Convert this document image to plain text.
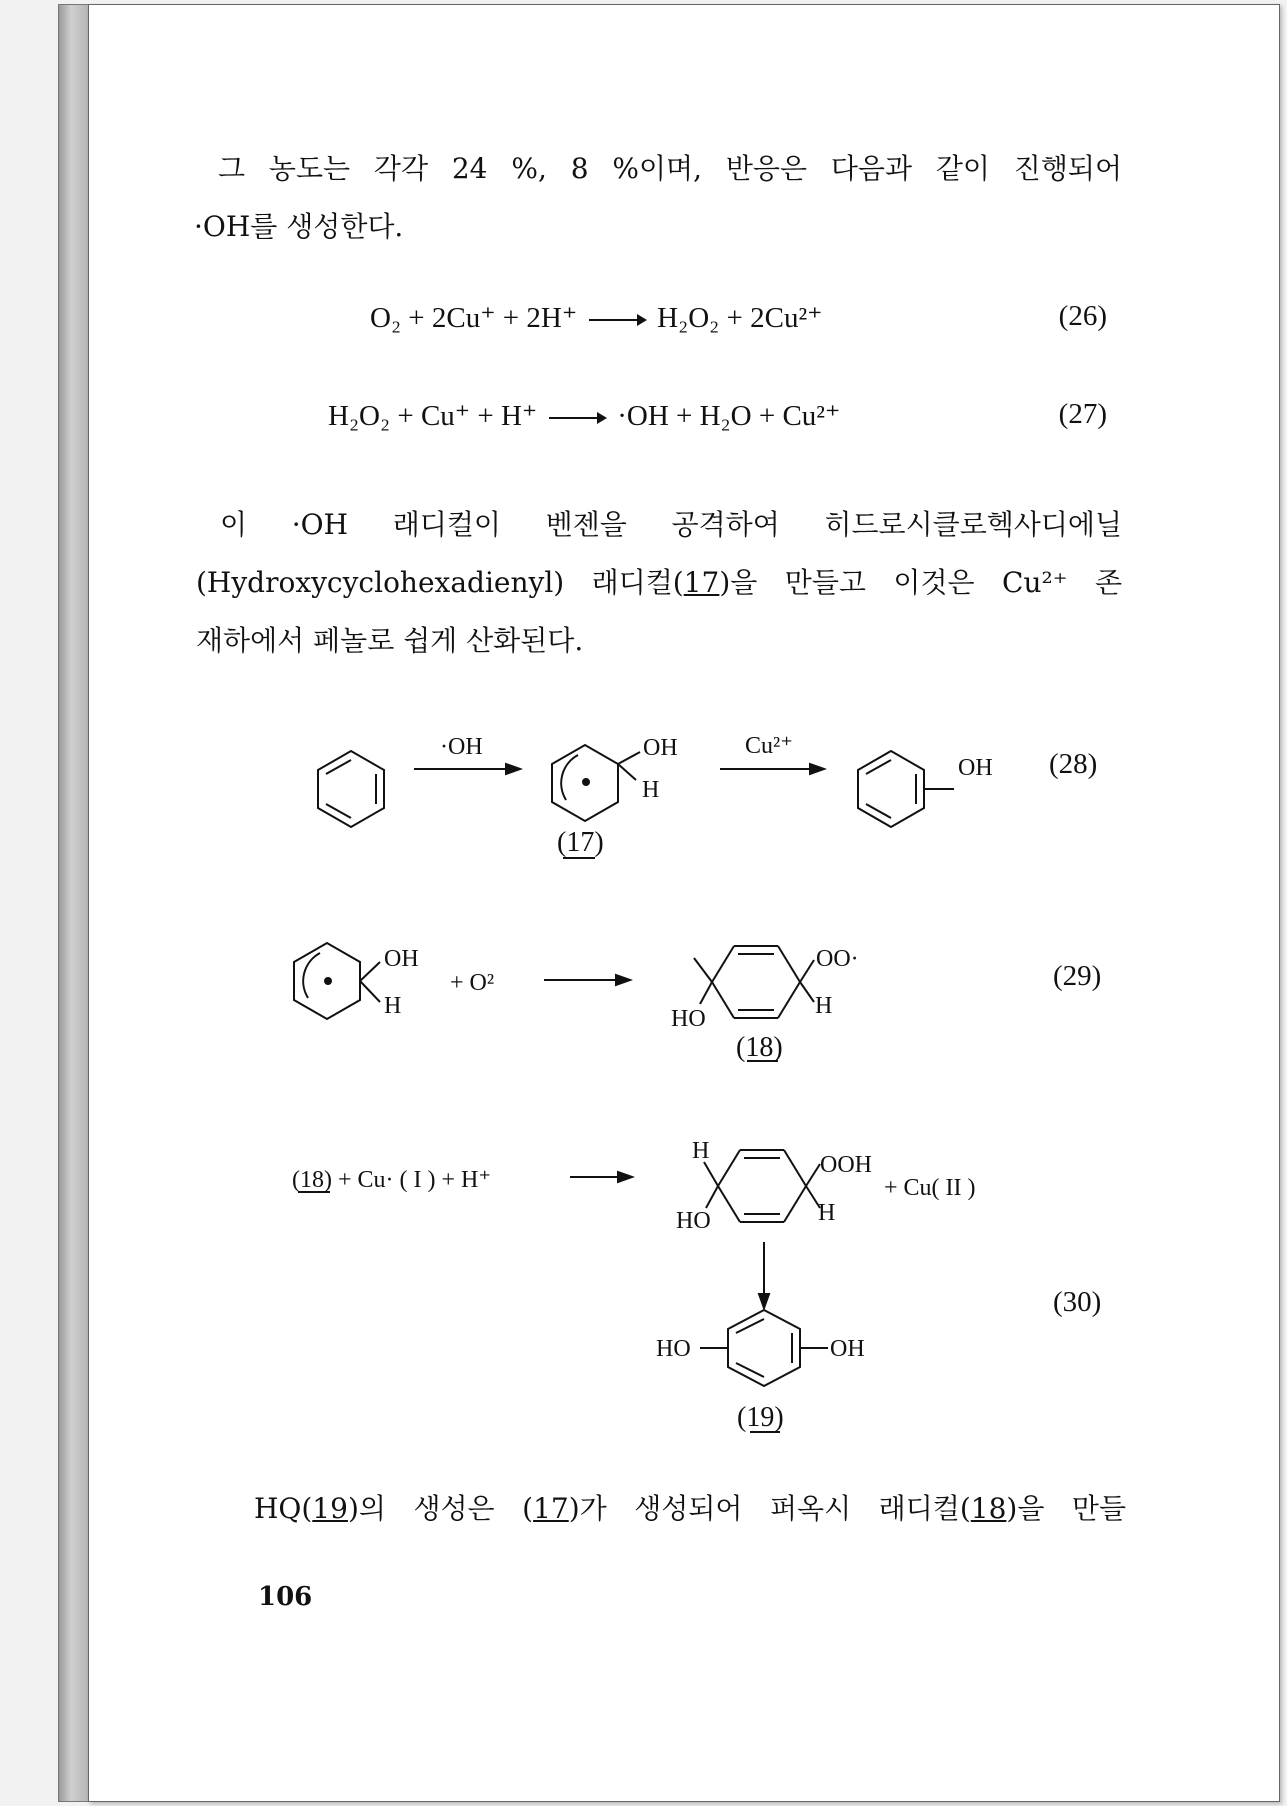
그 농도는 각각 24 %, 8 %이며, 반응은 다음과 같이 진행되어
·OH를 생성한다.
O₂ + 2Cu⁺ + 2H⁺	H₂O₂ + 2Cu²⁺	(26)
H₂O₂ + Cu⁺ + H⁺	·OH + H₂O + Cu²⁺	(27)
이 ·OH 래디컬이 벤젠을 공격하여 히드로시클로헥사디에닐
(Hydroxycyclohexadienyl) 래디컬(17)을 만들고 이것은 Cu²⁺ 존
재하에서 페놀로 쉽게 산화된다.
·OH	OH
H
Cu²⁺
OH
(17)
(28)
OH
H
+ O²
OO·
HO	H
(18)
(29)
(18) + Cu· ( I ) + H⁺
H
OOH
HO	H
+ Cu( II )
HO	OH
(19)
(30)
HQ(19)의 생성은 (17)가 생성되어 퍼옥시 래디컬(18)을 만들
106
